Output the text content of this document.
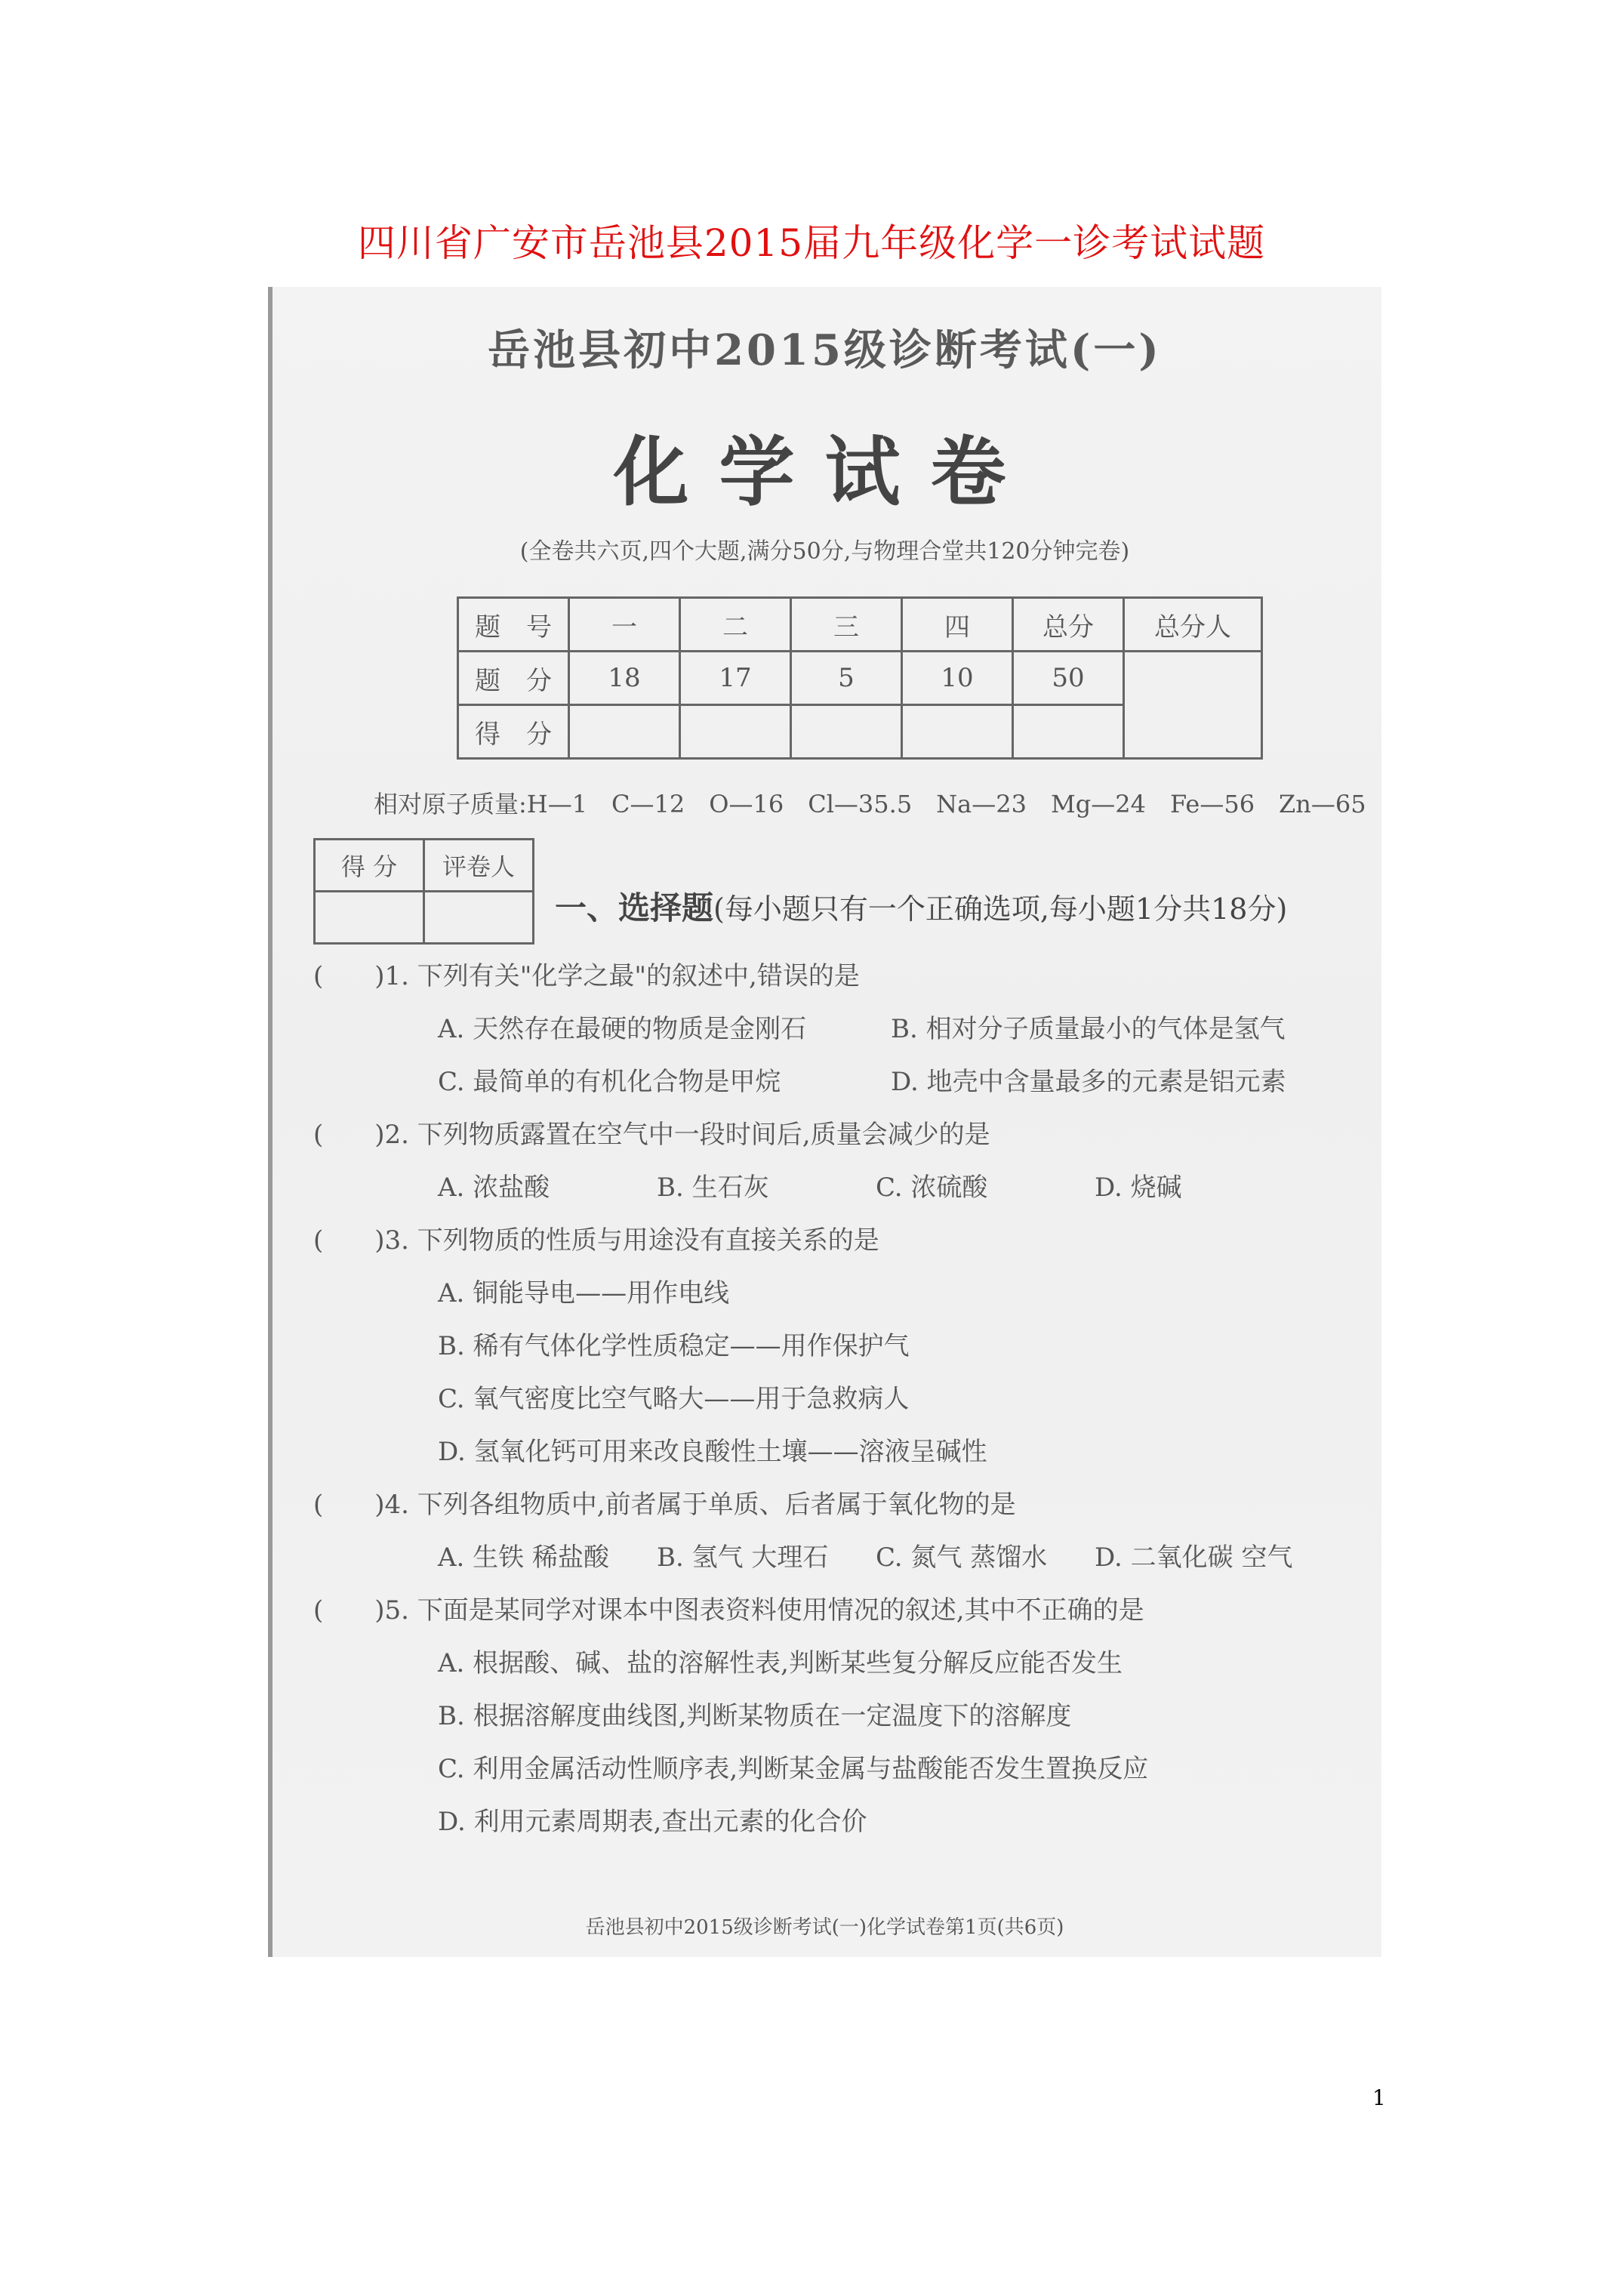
四川省广安市岳池县2015届九年级化学一诊考试试题
岳池县初中2015级诊断考试(一)
化学试卷
(全卷共六页,四个大题,满分50分,与物理合堂共120分钟完卷)
题　号	一	二	三	四	总分	总分人
题　分	18	17	5	10	50	
得　分						
相对原子质量:H—1　C—12　O—16　Cl—35.5　Na—23　Mg—24　Fe—56　Zn—65
得 分	评卷人

一、选择题(每小题只有一个正确选项,每小题1分共18分)
(　　)1. 下列有关"化学之最"的叙述中,错误的是
A. 天然存在最硬的物质是金刚石	B. 相对分子质量最小的气体是氢气
C. 最简单的有机化合物是甲烷	D. 地壳中含量最多的元素是铝元素
(　　)2. 下列物质露置在空气中一段时间后,质量会减少的是
A. 浓盐酸	B. 生石灰	C. 浓硫酸	D. 烧碱
(　　)3. 下列物质的性质与用途没有直接关系的是
A. 铜能导电——用作电线
B. 稀有气体化学性质稳定——用作保护气
C. 氧气密度比空气略大——用于急救病人
D. 氢氧化钙可用来改良酸性土壤——溶液呈碱性
(　　)4. 下列各组物质中,前者属于单质、后者属于氧化物的是
A. 生铁 稀盐酸	B. 氢气 大理石	C. 氮气 蒸馏水	D. 二氧化碳 空气
(　　)5. 下面是某同学对课本中图表资料使用情况的叙述,其中不正确的是
A. 根据酸、碱、盐的溶解性表,判断某些复分解反应能否发生
B. 根据溶解度曲线图,判断某物质在一定温度下的溶解度
C. 利用金属活动性顺序表,判断某金属与盐酸能否发生置换反应
D. 利用元素周期表,查出元素的化合价
岳池县初中2015级诊断考试(一)化学试卷第1页(共6页)
1
